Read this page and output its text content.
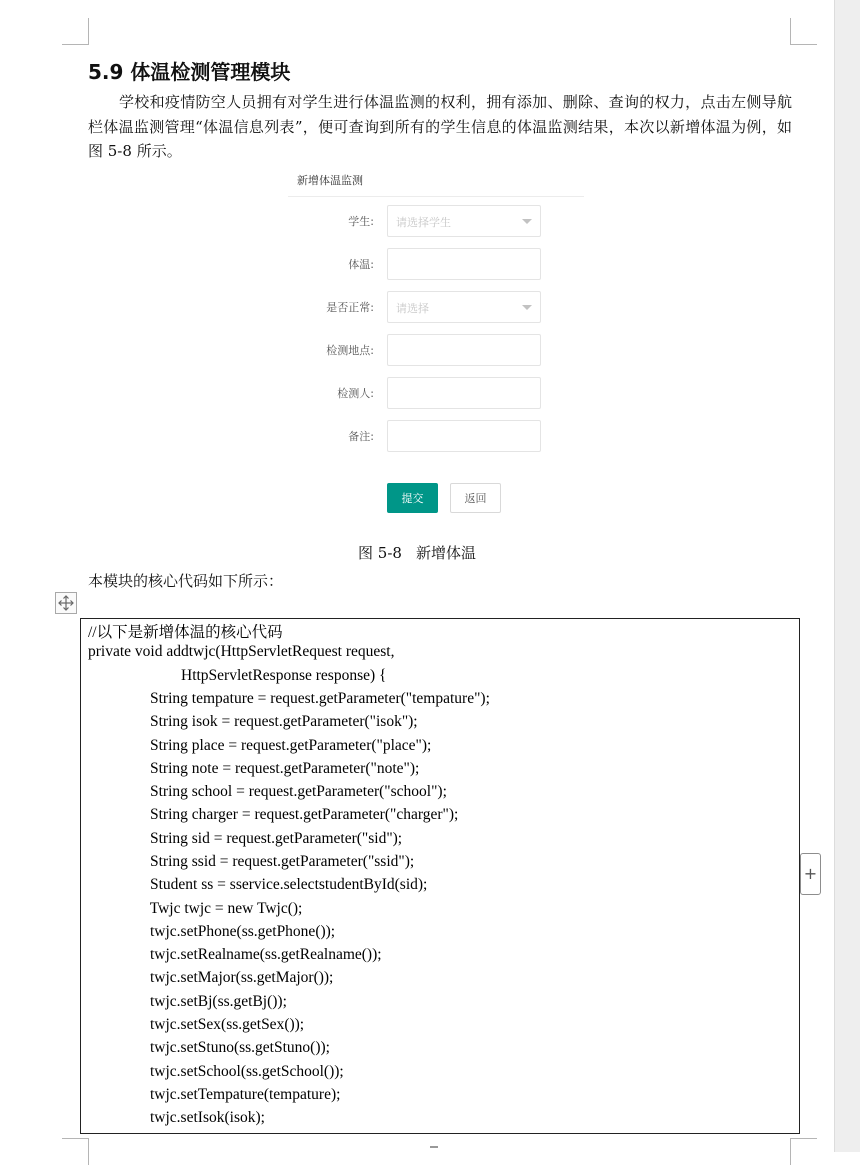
5.9 体温检测管理模块
学校和疫情防空人员拥有对学生进行体温监测的权利，拥有添加、删除、查询的权力，点击左侧导航栏体温监测管理“体温信息列表”，便可查询到所有的学生信息的体温监测结果，本次以新增体温为例，如图 5-8 所示。
新增体温监测
学生: 请选择学生
体温:
是否正常: 请选择
检测地点:
检测人:
备注:
提交	返回
图 5-8 新增体温
本模块的核心代码如下所示：
//以下是新增体温的核心代码
private void addtwjc(HttpServletRequest request,
HttpServletResponse response) {
String tempature = request.getParameter("tempature");
String isok = request.getParameter("isok");
String place = request.getParameter("place");
String note = request.getParameter("note");
String school = request.getParameter("school");
String charger = request.getParameter("charger");
String sid = request.getParameter("sid");
String ssid = request.getParameter("ssid");
Student ss = sservice.selectstudentById(sid);
Twjc twjc = new Twjc();
twjc.setPhone(ss.getPhone());
twjc.setRealname(ss.getRealname());
twjc.setMajor(ss.getMajor());
twjc.setBj(ss.getBj());
twjc.setSex(ss.getSex());
twjc.setStuno(ss.getStuno());
twjc.setSchool(ss.getSchool());
twjc.setTempature(tempature);
twjc.setIsok(isok);
+
